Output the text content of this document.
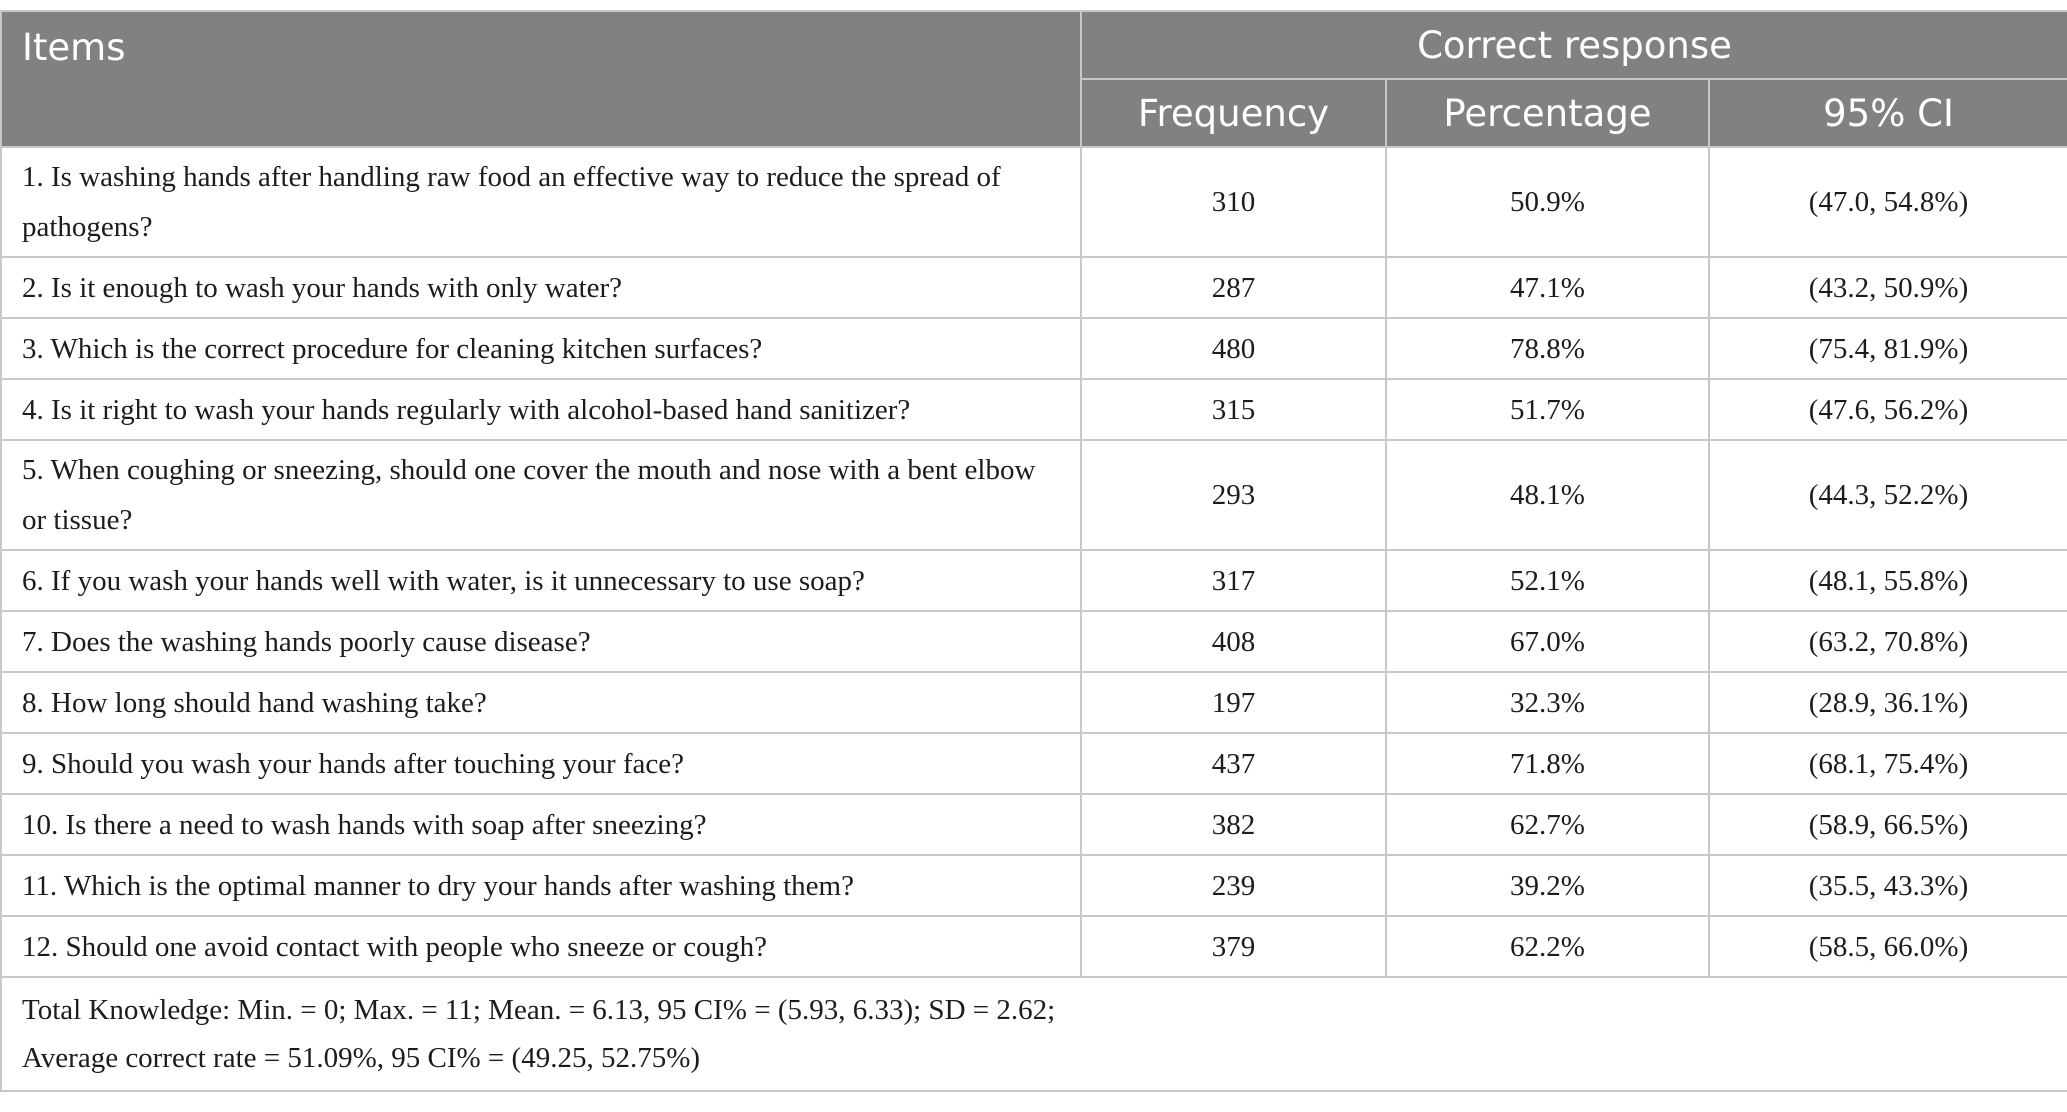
Items	Correct response		
	Frequency	Percentage	95% CI
1. Is washing hands after handling raw food an effective way to reduce the spread of pathogens?	310	50.9%	(47.0, 54.8%)
2. Is it enough to wash your hands with only water?	287	47.1%	(43.2, 50.9%)
3. Which is the correct procedure for cleaning kitchen surfaces?	480	78.8%	(75.4, 81.9%)
4. Is it right to wash your hands regularly with alcohol-based hand sanitizer?	315	51.7%	(47.6, 56.2%)
5. When coughing or sneezing, should one cover the mouth and nose with a bent elbow or tissue?	293	48.1%	(44.3, 52.2%)
6. If you wash your hands well with water, is it unnecessary to use soap?	317	52.1%	(48.1, 55.8%)
7. Does the washing hands poorly cause disease?	408	67.0%	(63.2, 70.8%)
8. How long should hand washing take?	197	32.3%	(28.9, 36.1%)
9. Should you wash your hands after touching your face?	437	71.8%	(68.1, 75.4%)
10. Is there a need to wash hands with soap after sneezing?	382	62.7%	(58.9, 66.5%)
11. Which is the optimal manner to dry your hands after washing them?	239	39.2%	(35.5, 43.3%)
12. Should one avoid contact with people who sneeze or cough?	379	62.2%	(58.5, 66.0%)

Total Knowledge: Min. = 0; Max. = 11; Mean. = 6.13, 95 CI% = (5.93, 6.33); SD = 2.62;
Average correct rate = 51.09%, 95 CI% = (49.25, 52.75%)			
